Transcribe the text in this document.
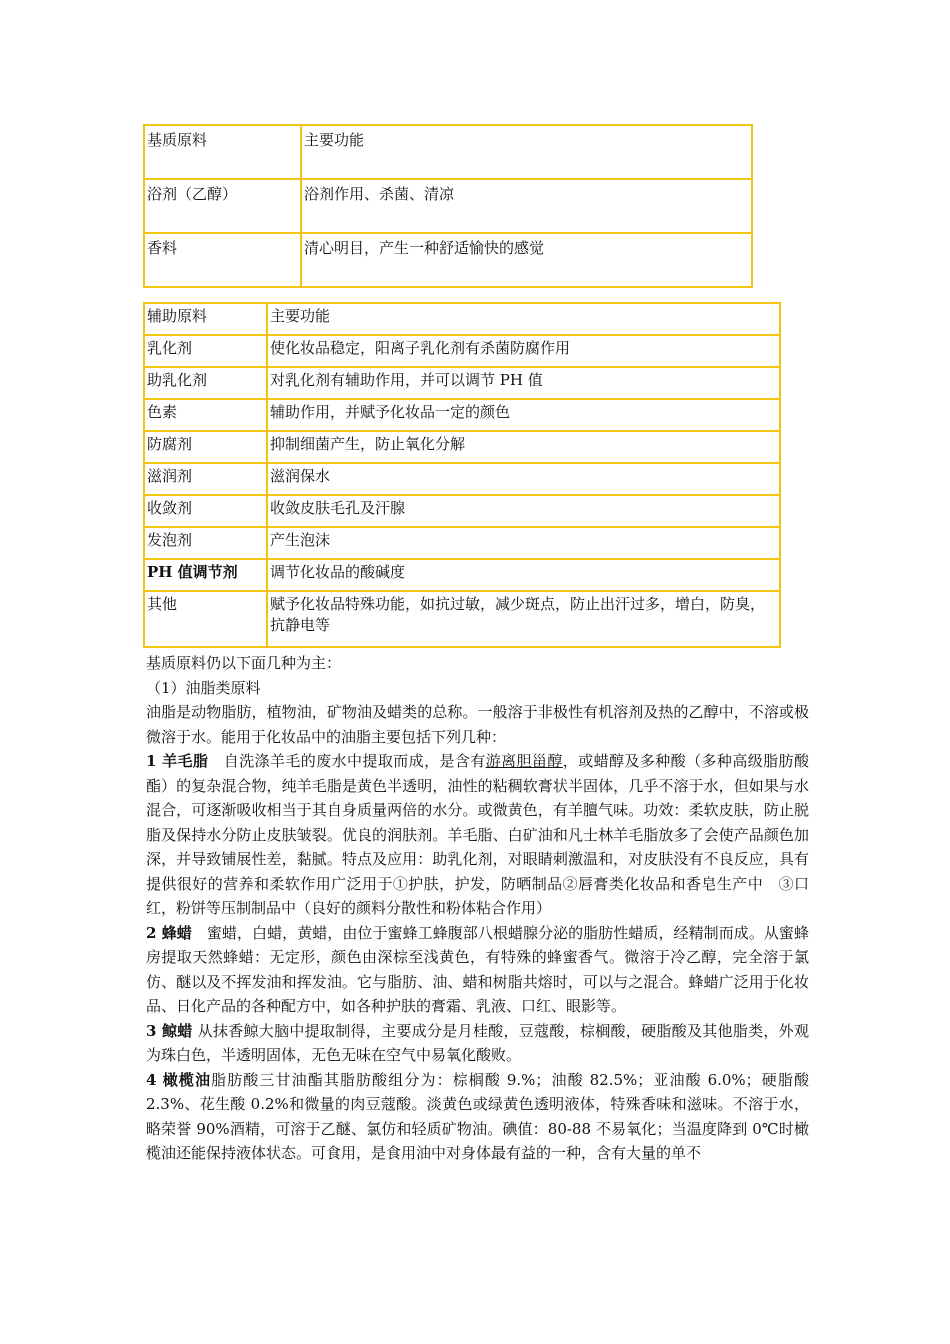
基质原料	主要功能
浴剂（乙醇）	浴剂作用、杀菌、清凉
香料	清心明目，产生一种舒适愉快的感觉
辅助原料	主要功能
乳化剂	使化妆品稳定，阳离子乳化剂有杀菌防腐作用
助乳化剂	对乳化剂有辅助作用，并可以调节 PH 值
色素	辅助作用，并赋予化妆品一定的颜色
防腐剂	抑制细菌产生，防止氧化分解
滋润剂	滋润保水
收敛剂	收敛皮肤毛孔及汗腺
发泡剂	产生泡沫
PH 值调节剂	调节化妆品的酸碱度
其他	赋予化妆品特殊功能，如抗过敏，减少斑点，防止出汗过多，增白，防臭，抗静电等

基质原料仍以下面几种为主：

（1）油脂类原料

油脂是动物脂肪，植物油，矿物油及蜡类的总称。一般溶于非极性有机溶剂及热的乙醇中，不溶或极微溶于水。能用于化妆品中的油脂主要包括下列几种：

1 羊毛脂　自洗涤羊毛的废水中提取而成，是含有游离胆甾醇，或蜡醇及多种酸（多种高级脂肪酸酯）的复杂混合物，纯羊毛脂是黄色半透明，油性的粘稠软膏状半固体，几乎不溶于水，但如果与水混合，可逐渐吸收相当于其自身质量两倍的水分。或微黄色，有羊膻气味。功效：柔软皮肤，防止脱脂及保持水分防止皮肤皱裂。优良的润肤剂。羊毛脂、白矿油和凡士林羊毛脂放多了会使产品颜色加深，并导致铺展性差，黏腻。特点及应用：助乳化剂，对眼睛刺激温和，对皮肤没有不良反应，具有提供很好的营养和柔软作用广泛用于①护肤，护发，防晒制品②唇膏类化妆品和香皂生产中　③口红，粉饼等压制制品中（良好的颜料分散性和粉体粘合作用）

2 蜂蜡　蜜蜡，白蜡，黄蜡，由位于蜜蜂工蜂腹部八根蜡腺分泌的脂肪性蜡质，经精制而成。从蜜蜂房提取天然蜂蜡：无定形，颜色由深棕至浅黄色，有特殊的蜂蜜香气。微溶于冷乙醇，完全溶于氯仿、醚以及不挥发油和挥发油。它与脂肪、油、蜡和树脂共熔时，可以与之混合。蜂蜡广泛用于化妆品、日化产品的各种配方中，如各种护肤的膏霜、乳液、口红、眼影等。

3 鲸蜡 从抹香鲸大脑中提取制得，主要成分是月桂酸，豆蔻酸，棕榈酸，硬脂酸及其他脂类，外观为珠白色，半透明固体，无色无味在空气中易氧化酸败。

4 橄榄油脂肪酸三甘油酯其脂肪酸组分为：棕榈酸 9.%；油酸 82.5%；亚油酸 6.0%；硬脂酸 2.3%、花生酸 0.2%和微量的肉豆蔻酸。淡黄色或绿黄色透明液体，特殊香味和滋味。不溶于水，略荣誉 90%酒精，可溶于乙醚、氯仿和轻质矿物油。碘值：80-88 不易氧化；当温度降到 0℃时橄榄油还能保持液体状态。可食用，是食用油中对身体最有益的一种，含有大量的单不
